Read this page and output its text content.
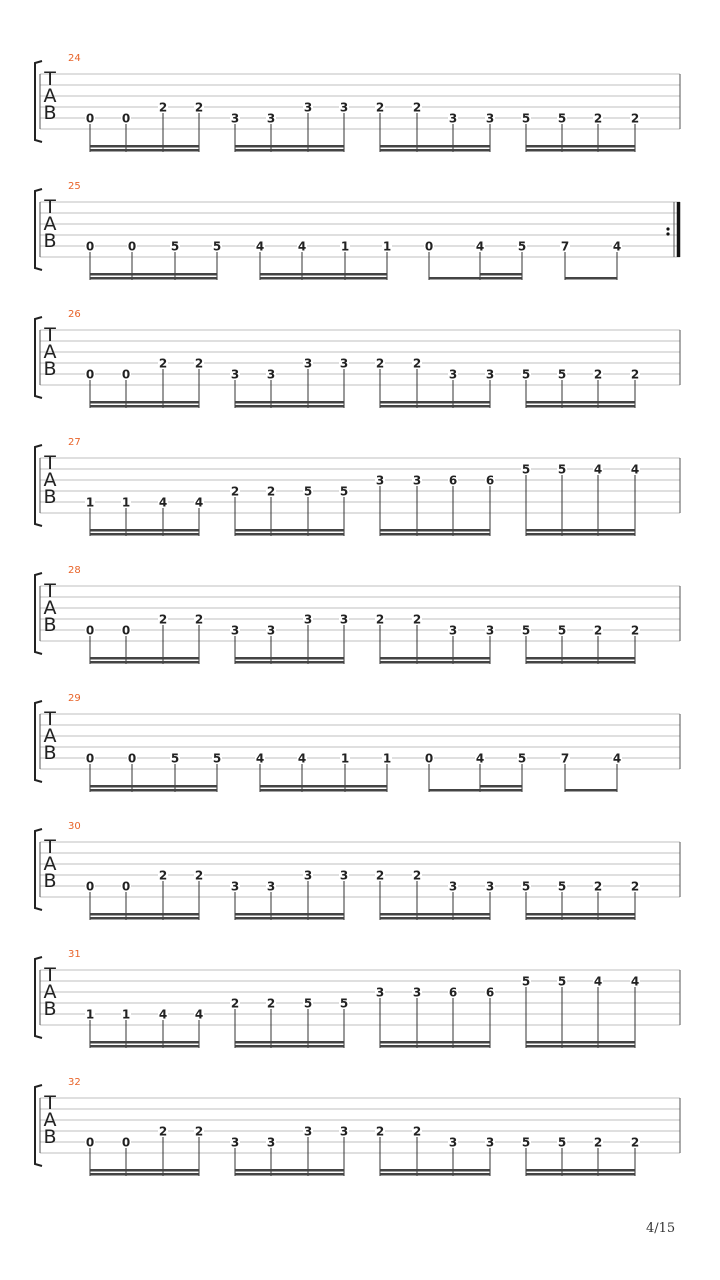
24
T
A
B 0 0
2 2
3 3
3 3 2 2
3 3 5 5 2 2
25
T
A
B 0	0	5	5	4	4	1	1	0	4	5	7	4
26
T
A
B 0 0
2 2
3 3
3 3 2 2
3 3 5 5 2 2
27
T
A
B 1 1 4 4
2 2 5 5
3 3 6 6
5 5 4 4
28
T
A
B 0 0
2 2
3 3
3 3 2 2
3 3 5 5 2 2
29
T
A
B 0	0	5	5	4	4	1	1	0	4	5	7	4
30
T
A
B 0 0
2 2
3 3
3 3 2 2
3 3 5 5 2 2
31
T
A
B 1 1 4 4
2 2 5 5
3 3 6 6
5 5 4 4
32
T
A
B 0 0
2 2
3 3
3 3 2 2
3 3 5 5 2 2
4/15
